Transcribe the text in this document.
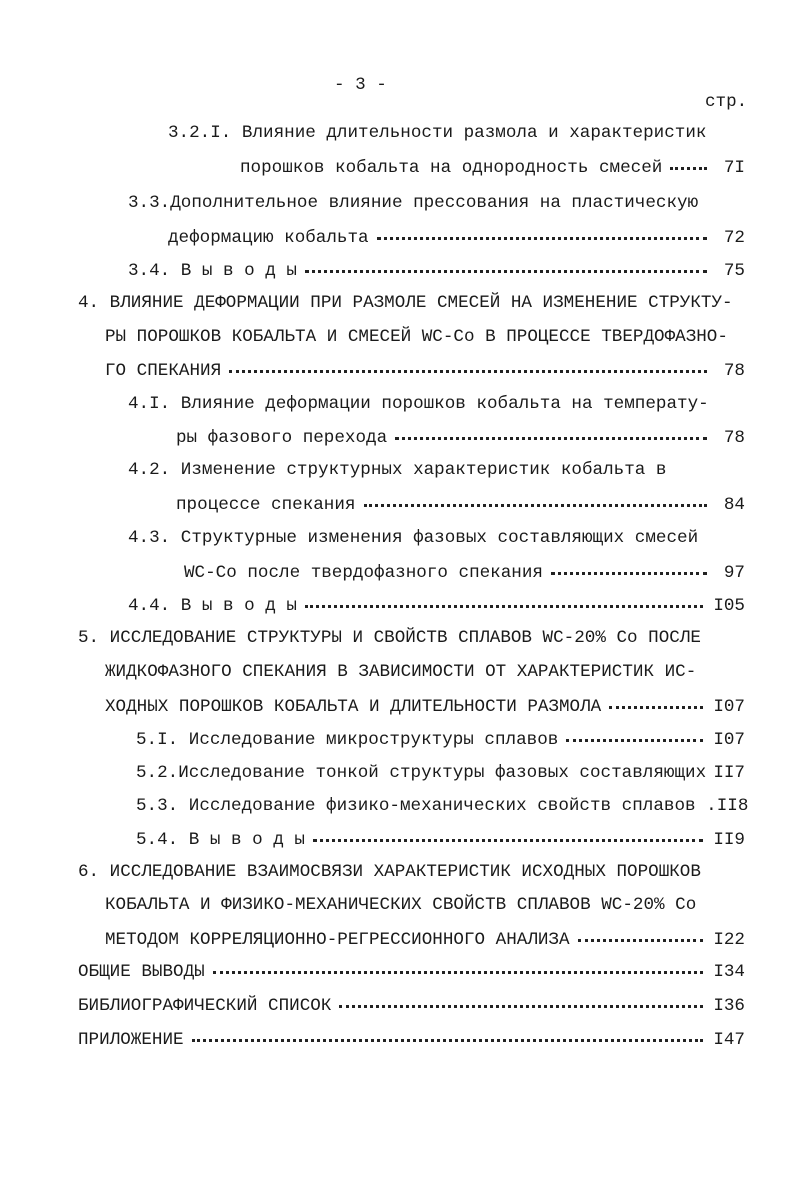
- 3 -
стр.
3.2.I. Влияние длительности размола и характеристик
порошков кобальта на однородность смесей	7I
3.3.Дополнительное влияние прессования на пластическую
деформацию кобальта	72
3.4. В ы в о д ы	75
4. ВЛИЯНИЕ ДЕФОРМАЦИИ ПРИ РАЗМОЛЕ СМЕСЕЙ НА ИЗМЕНЕНИЕ СТРУКТУ-
РЫ ПОРОШКОВ КОБАЛЬТА И СМЕСЕЙ WC-Co В ПРОЦЕССЕ ТВЕРДОФАЗНО-
ГО СПЕКАНИЯ	78
4.I. Влияние деформации порошков кобальта на температу-
ры фазового перехода	78
4.2. Изменение структурных характеристик кобальта в
процессе спекания	84
4.3. Структурные изменения фазовых составляющих смесей
WC-Co после твердофазного спекания	97
4.4. В ы в о д ы	I05
5. ИССЛЕДОВАНИЕ СТРУКТУРЫ И СВОЙСТВ СПЛАВОВ WC-20% Co ПОСЛЕ
ЖИДКОФАЗНОГО СПЕКАНИЯ В ЗАВИСИМОСТИ ОТ ХАРАКТЕРИСТИК ИС-
ХОДНЫХ ПОРОШКОВ КОБАЛЬТА И ДЛИТЕЛЬНОСТИ РАЗМОЛА	I07
5.I. Исследование микроструктуры сплавов	I07
5.2.Исследование тонкой структуры фазовых составляющих II7
5.3. Исследование физико-механических свойств сплавов . II8
5.4. В ы в о д ы	II9
6. ИССЛЕДОВАНИЕ ВЗАИМОСВЯЗИ ХАРАКТЕРИСТИК ИСХОДНЫХ ПОРОШКОВ
КОБАЛЬТА И ФИЗИКО-МЕХАНИЧЕСКИХ СВОЙСТВ СПЛАВОВ WC-20% Co
МЕТОДОМ КОРРЕЛЯЦИОННО-РЕГРЕССИОННОГО АНАЛИЗА	I22
ОБЩИЕ ВЫВОДЫ	I34
БИБЛИОГРАФИЧЕСКИЙ СПИСОК	I36
ПРИЛОЖЕНИЕ	I47
